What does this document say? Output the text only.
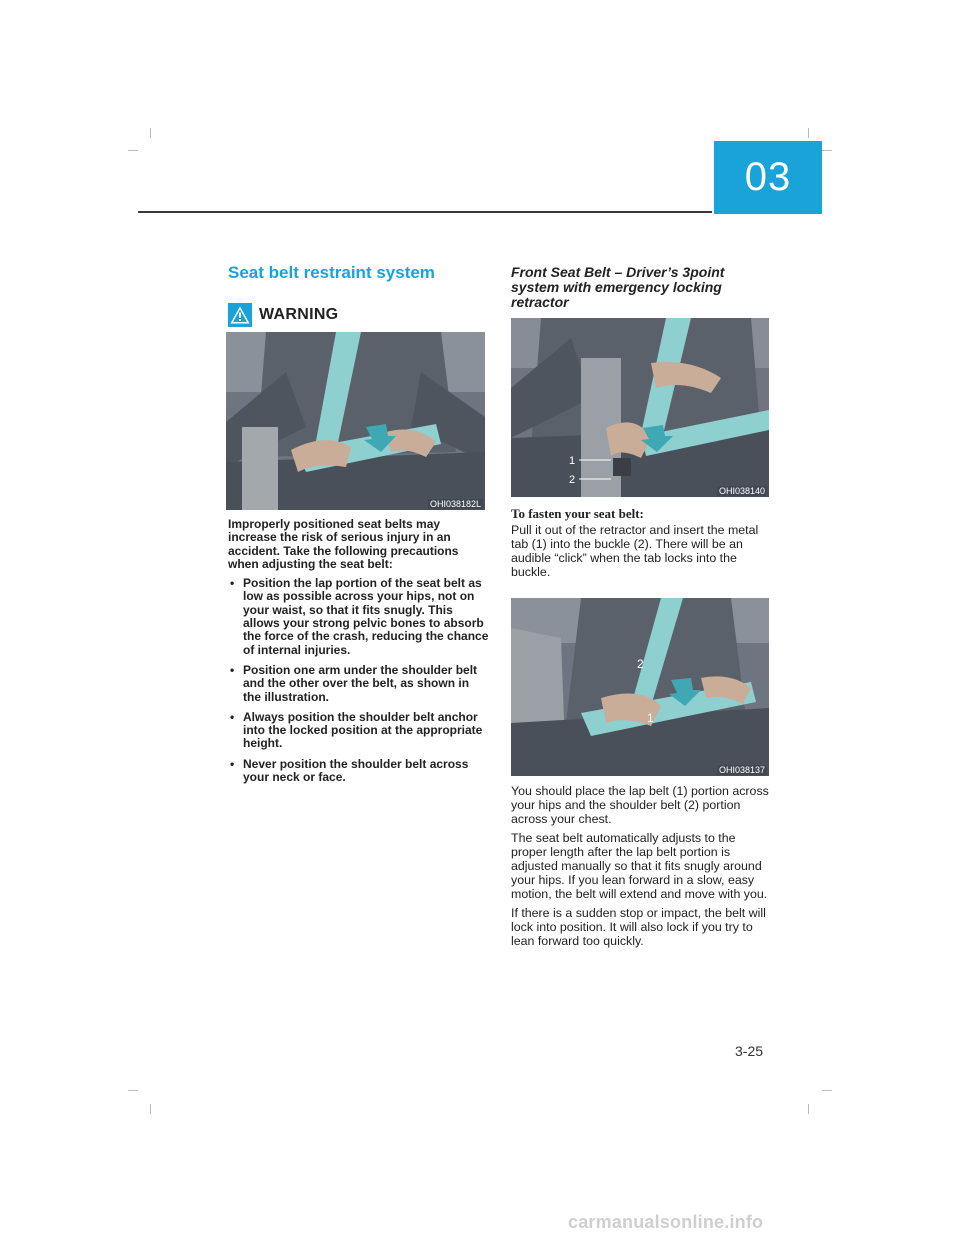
03
Seat belt restraint system
WARNING
OHI038182L

Improperly positioned seat belts may increase the risk of serious injury in an accident. Take the following precautions when adjusting the seat belt:

• Position the lap portion of the seat belt as low as possible across your hips, not on your waist, so that it fits snugly. This allows your strong pelvic bones to absorb the force of the crash, reducing the chance of internal injuries.
• Position one arm under the shoulder belt and the other over the belt, as shown in the illustration.
• Always position the shoulder belt anchor into the locked position at the appropriate height.
• Never position the shoulder belt across your neck or face.
Front Seat Belt – Driver’s 3point system with emergency locking retractor
1
2
OHI038140
To fasten your seat belt:

Pull it out of the retractor and insert the metal tab (1) into the buckle (2). There will be an audible “click” when the tab locks into the buckle.

2
1
OHI038137

You should place the lap belt (1) portion across your hips and the shoulder belt (2) portion across your chest.

The seat belt automatically adjusts to the proper length after the lap belt portion is adjusted manually so that it fits snugly around your hips. If you lean forward in a slow, easy motion, the belt will extend and move with you.

If there is a sudden stop or impact, the belt will lock into position. It will also lock if you try to lean forward too quickly.

3-25
carmanualsonline.info
